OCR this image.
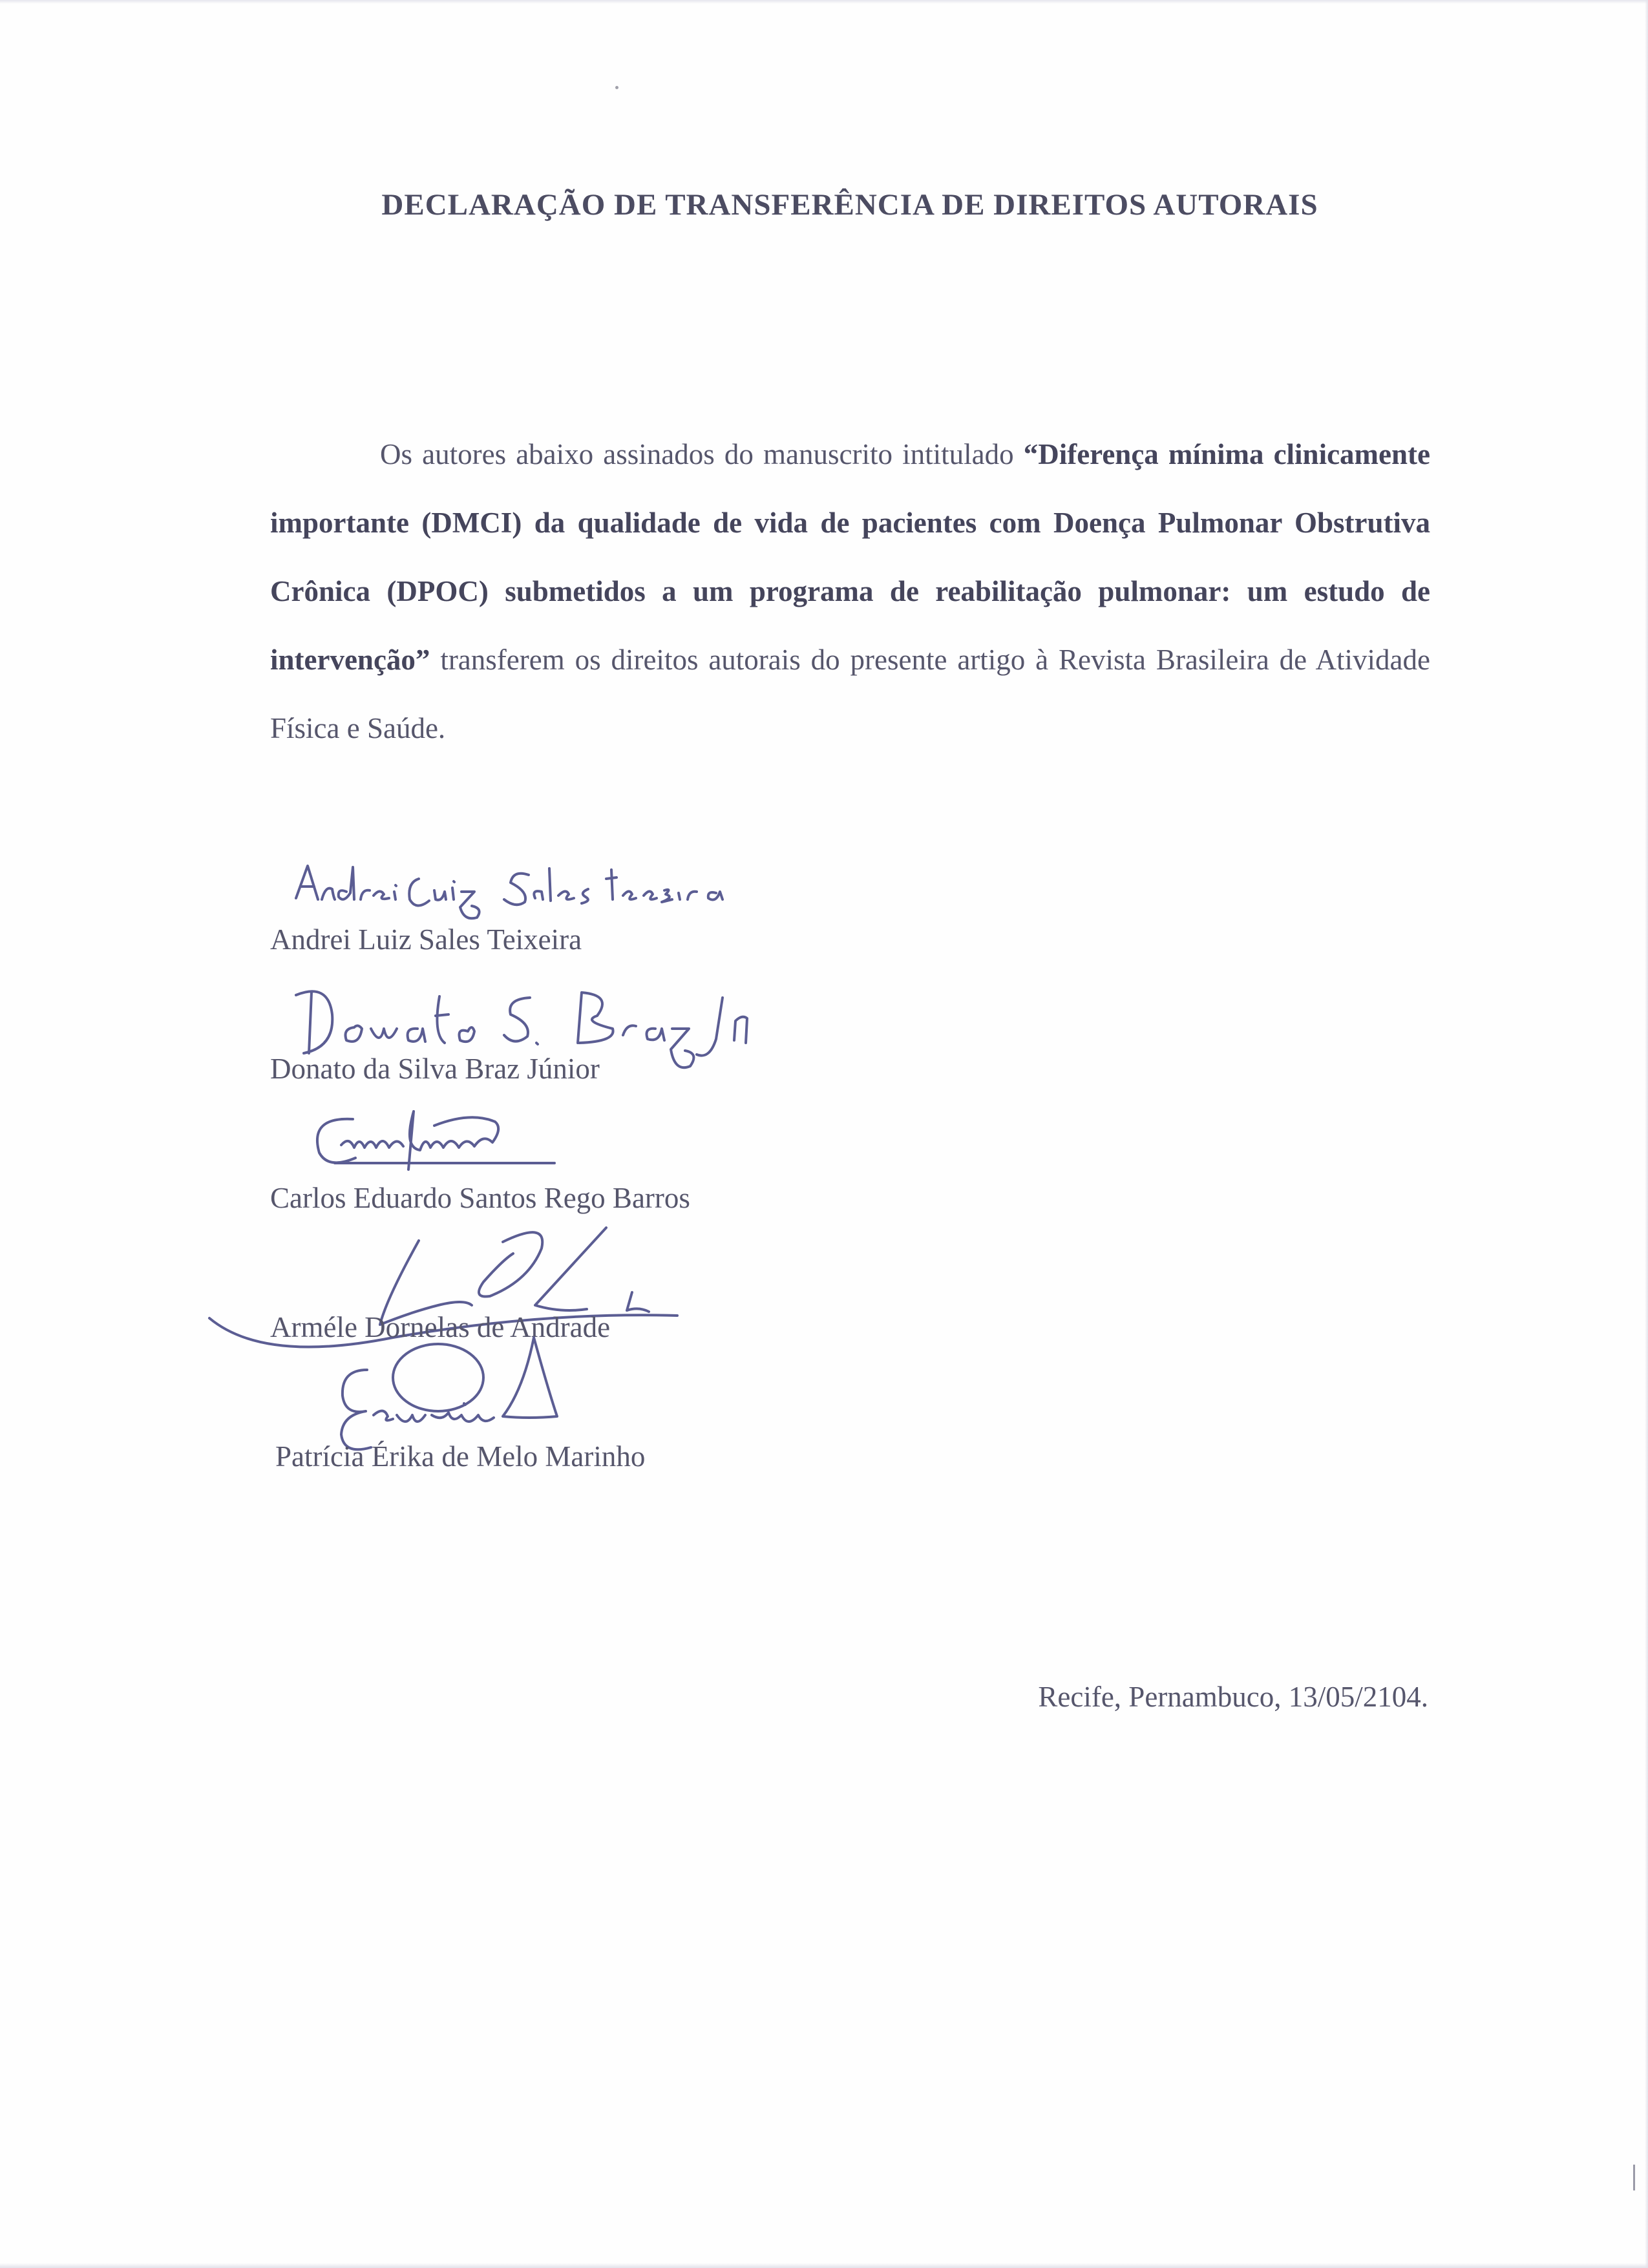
DECLARAÇÃO DE TRANSFERÊNCIA DE DIREITOS AUTORAIS
Os autores abaixo assinados do manuscrito intitulado “Diferença mínima clinicamente importante (DMCI) da qualidade de vida de pacientes com Doença Pulmonar Obstrutiva Crônica (DPOC) submetidos a um programa de reabilitação pulmonar: um estudo de intervenção” transferem os direitos autorais do presente artigo à Revista Brasileira de Atividade Física e Saúde.
Andrei Luiz Sales Teixeira
Donato da Silva Braz Júnior
Carlos Eduardo Santos Rego Barros
Arméle Dornelas de Andrade
Patrícia Érika de Melo Marinho
Recife, Pernambuco, 13/05/2104.
